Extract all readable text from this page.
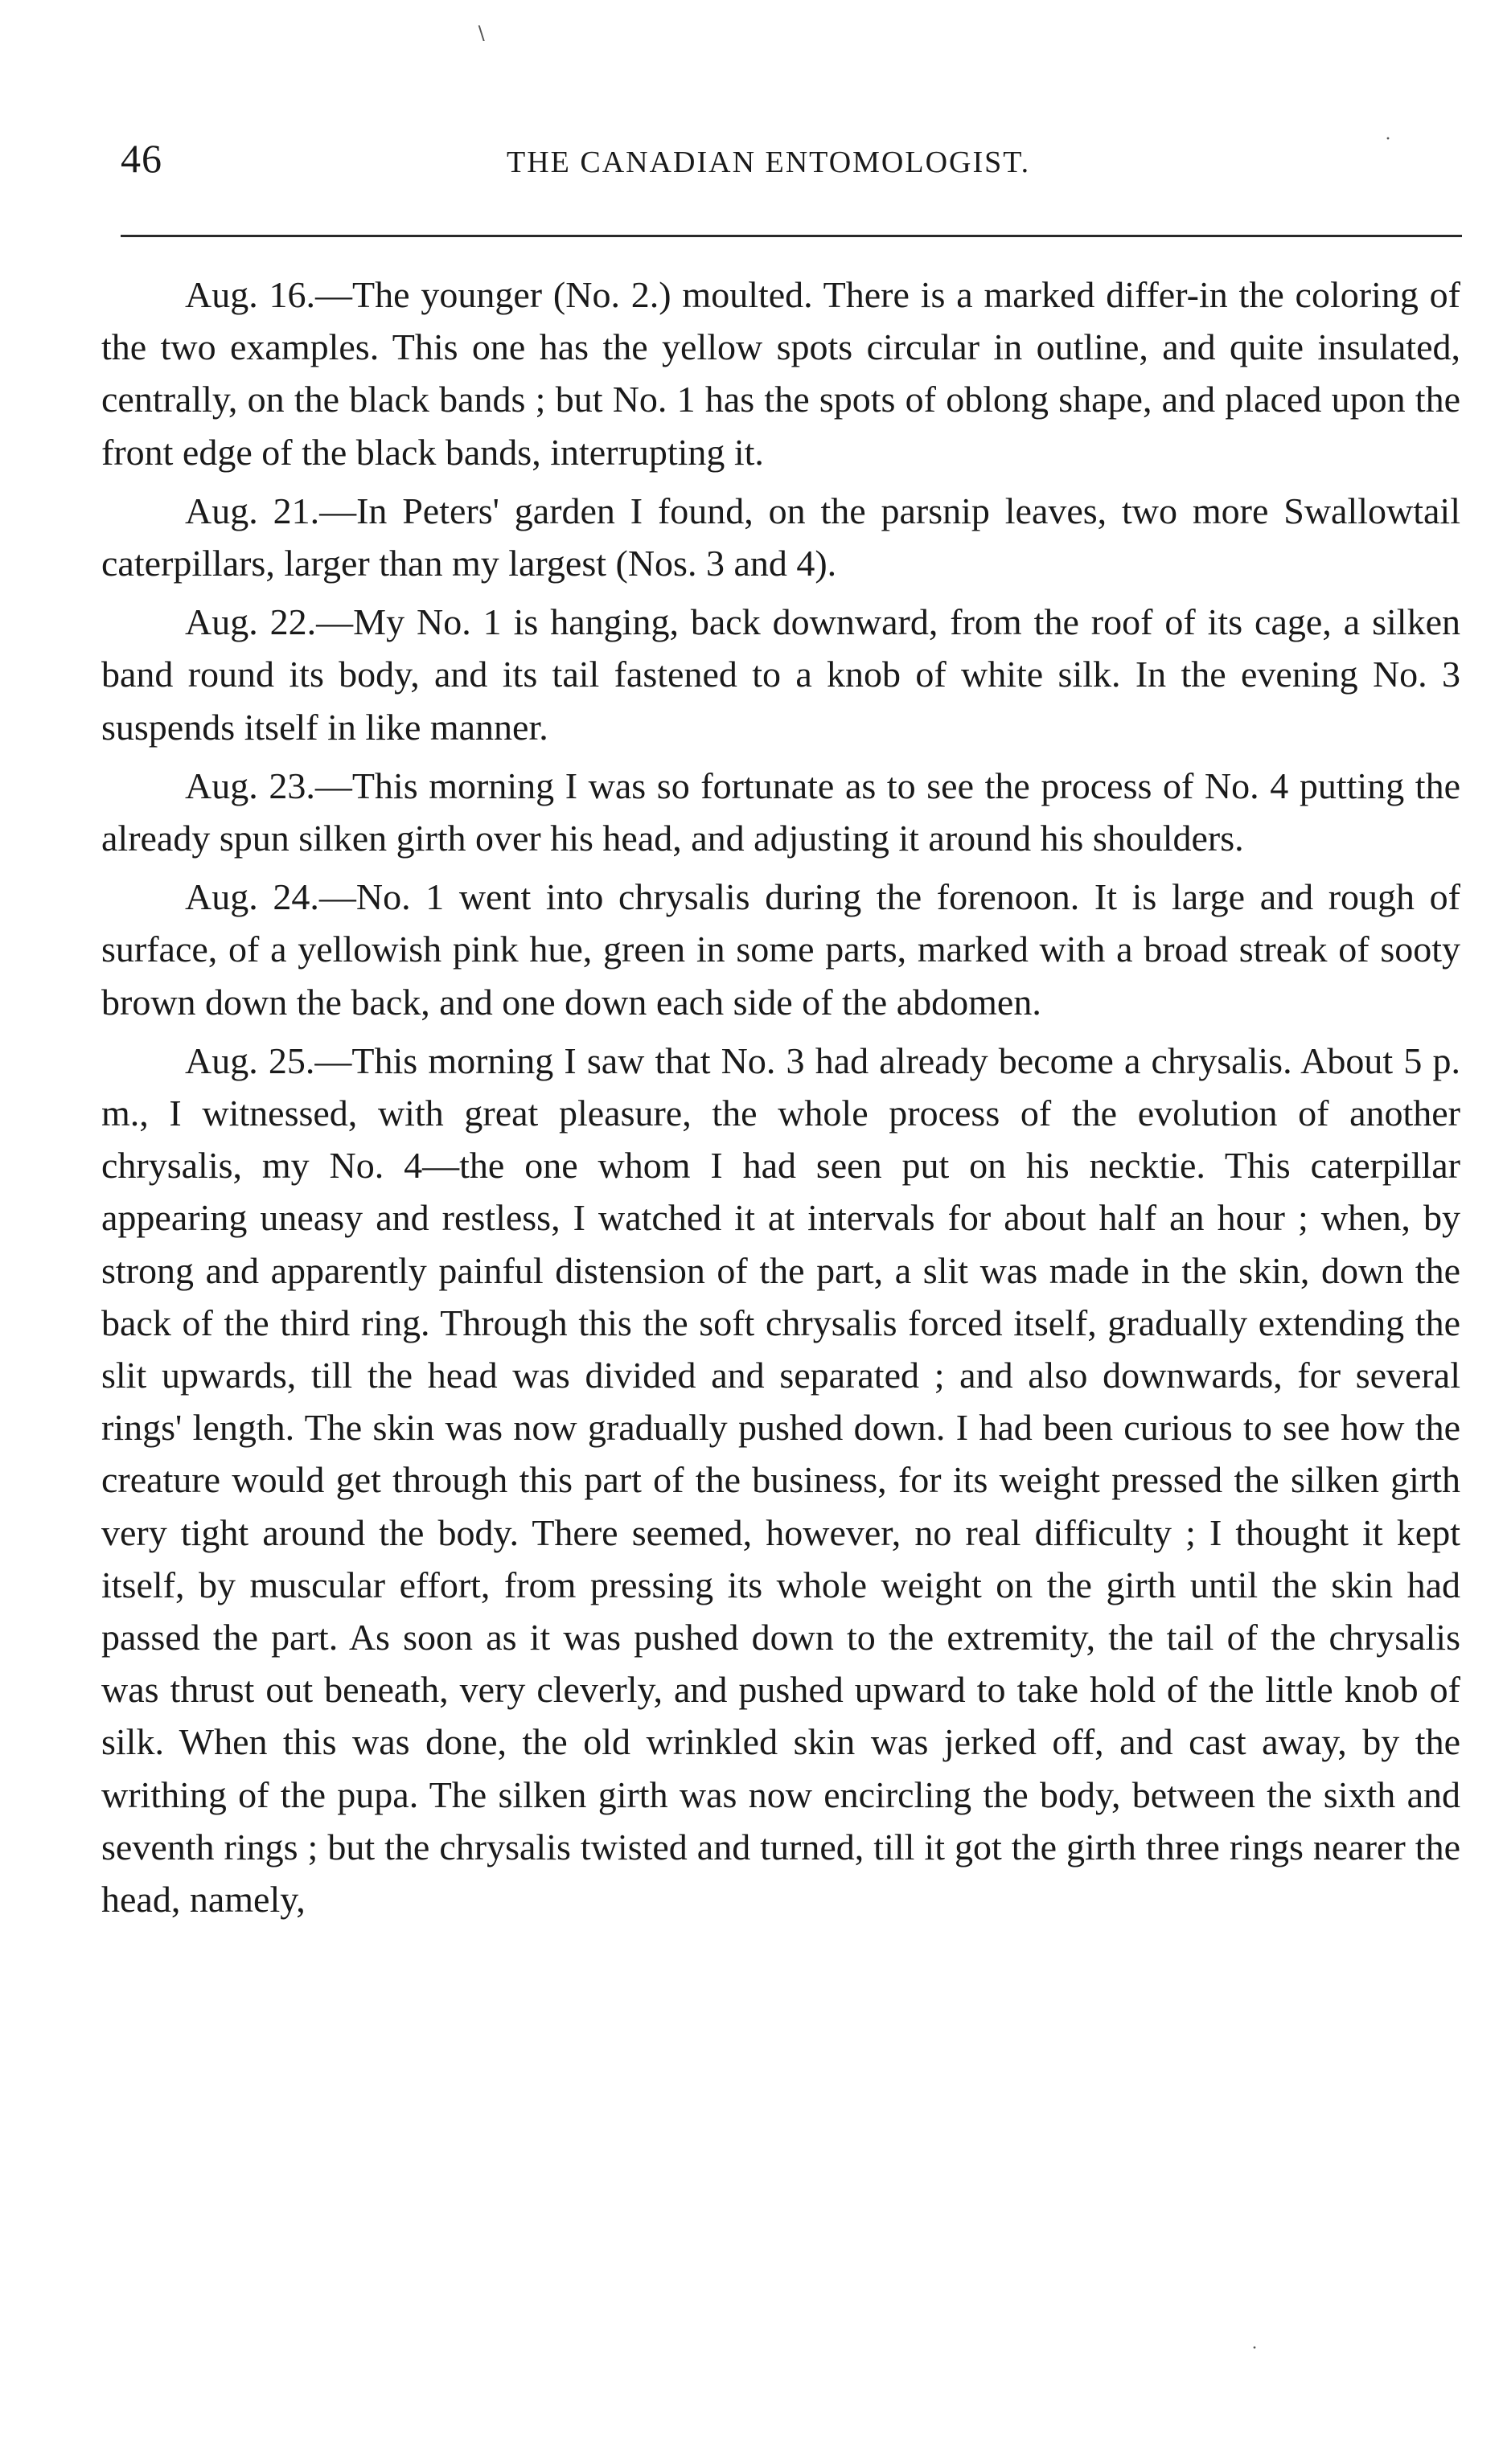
46	THE CANADIAN ENTOMOLOGIST.

Aug. 16.—The younger (No. 2.) moulted. There is a marked differ-in the coloring of the two examples. This one has the yellow spots circular in outline, and quite insulated, centrally, on the black bands ; but No. 1 has the spots of oblong shape, and placed upon the front edge of the black bands, interrupting it.

Aug. 21.—In Peters' garden I found, on the parsnip leaves, two more Swallowtail caterpillars, larger than my largest (Nos. 3 and 4).

Aug. 22.—My No. 1 is hanging, back downward, from the roof of its cage, a silken band round its body, and its tail fastened to a knob of white silk. In the evening No. 3 suspends itself in like manner.

Aug. 23.—This morning I was so fortunate as to see the process of No. 4 putting the already spun silken girth over his head, and adjusting it around his shoulders.

Aug. 24.—No. 1 went into chrysalis during the forenoon. It is large and rough of surface, of a yellowish pink hue, green in some parts, marked with a broad streak of sooty brown down the back, and one down each side of the abdomen.

Aug. 25.—This morning I saw that No. 3 had already become a chrysalis. About 5 p. m., I witnessed, with great pleasure, the whole process of the evolution of another chrysalis, my No. 4—the one whom I had seen put on his necktie. This caterpillar appearing uneasy and restless, I watched it at intervals for about half an hour ; when, by strong and apparently painful distension of the part, a slit was made in the skin, down the back of the third ring. Through this the soft chrysalis forced itself, gradually extending the slit upwards, till the head was divided and separated ; and also downwards, for several rings' length. The skin was now gradually pushed down. I had been curious to see how the creature would get through this part of the business, for its weight pressed the silken girth very tight around the body. There seemed, however, no real difficulty ; I thought it kept itself, by muscular effort, from pressing its whole weight on the girth until the skin had passed the part. As soon as it was pushed down to the extremity, the tail of the chrysalis was thrust out beneath, very cleverly, and pushed upward to take hold of the little knob of silk. When this was done, the old wrinkled skin was jerked off, and cast away, by the writhing of the pupa. The silken girth was now encircling the body, between the sixth and seventh rings ; but the chrysalis twisted and turned, till it got the girth three rings nearer the head, namely,

∖
·
·
